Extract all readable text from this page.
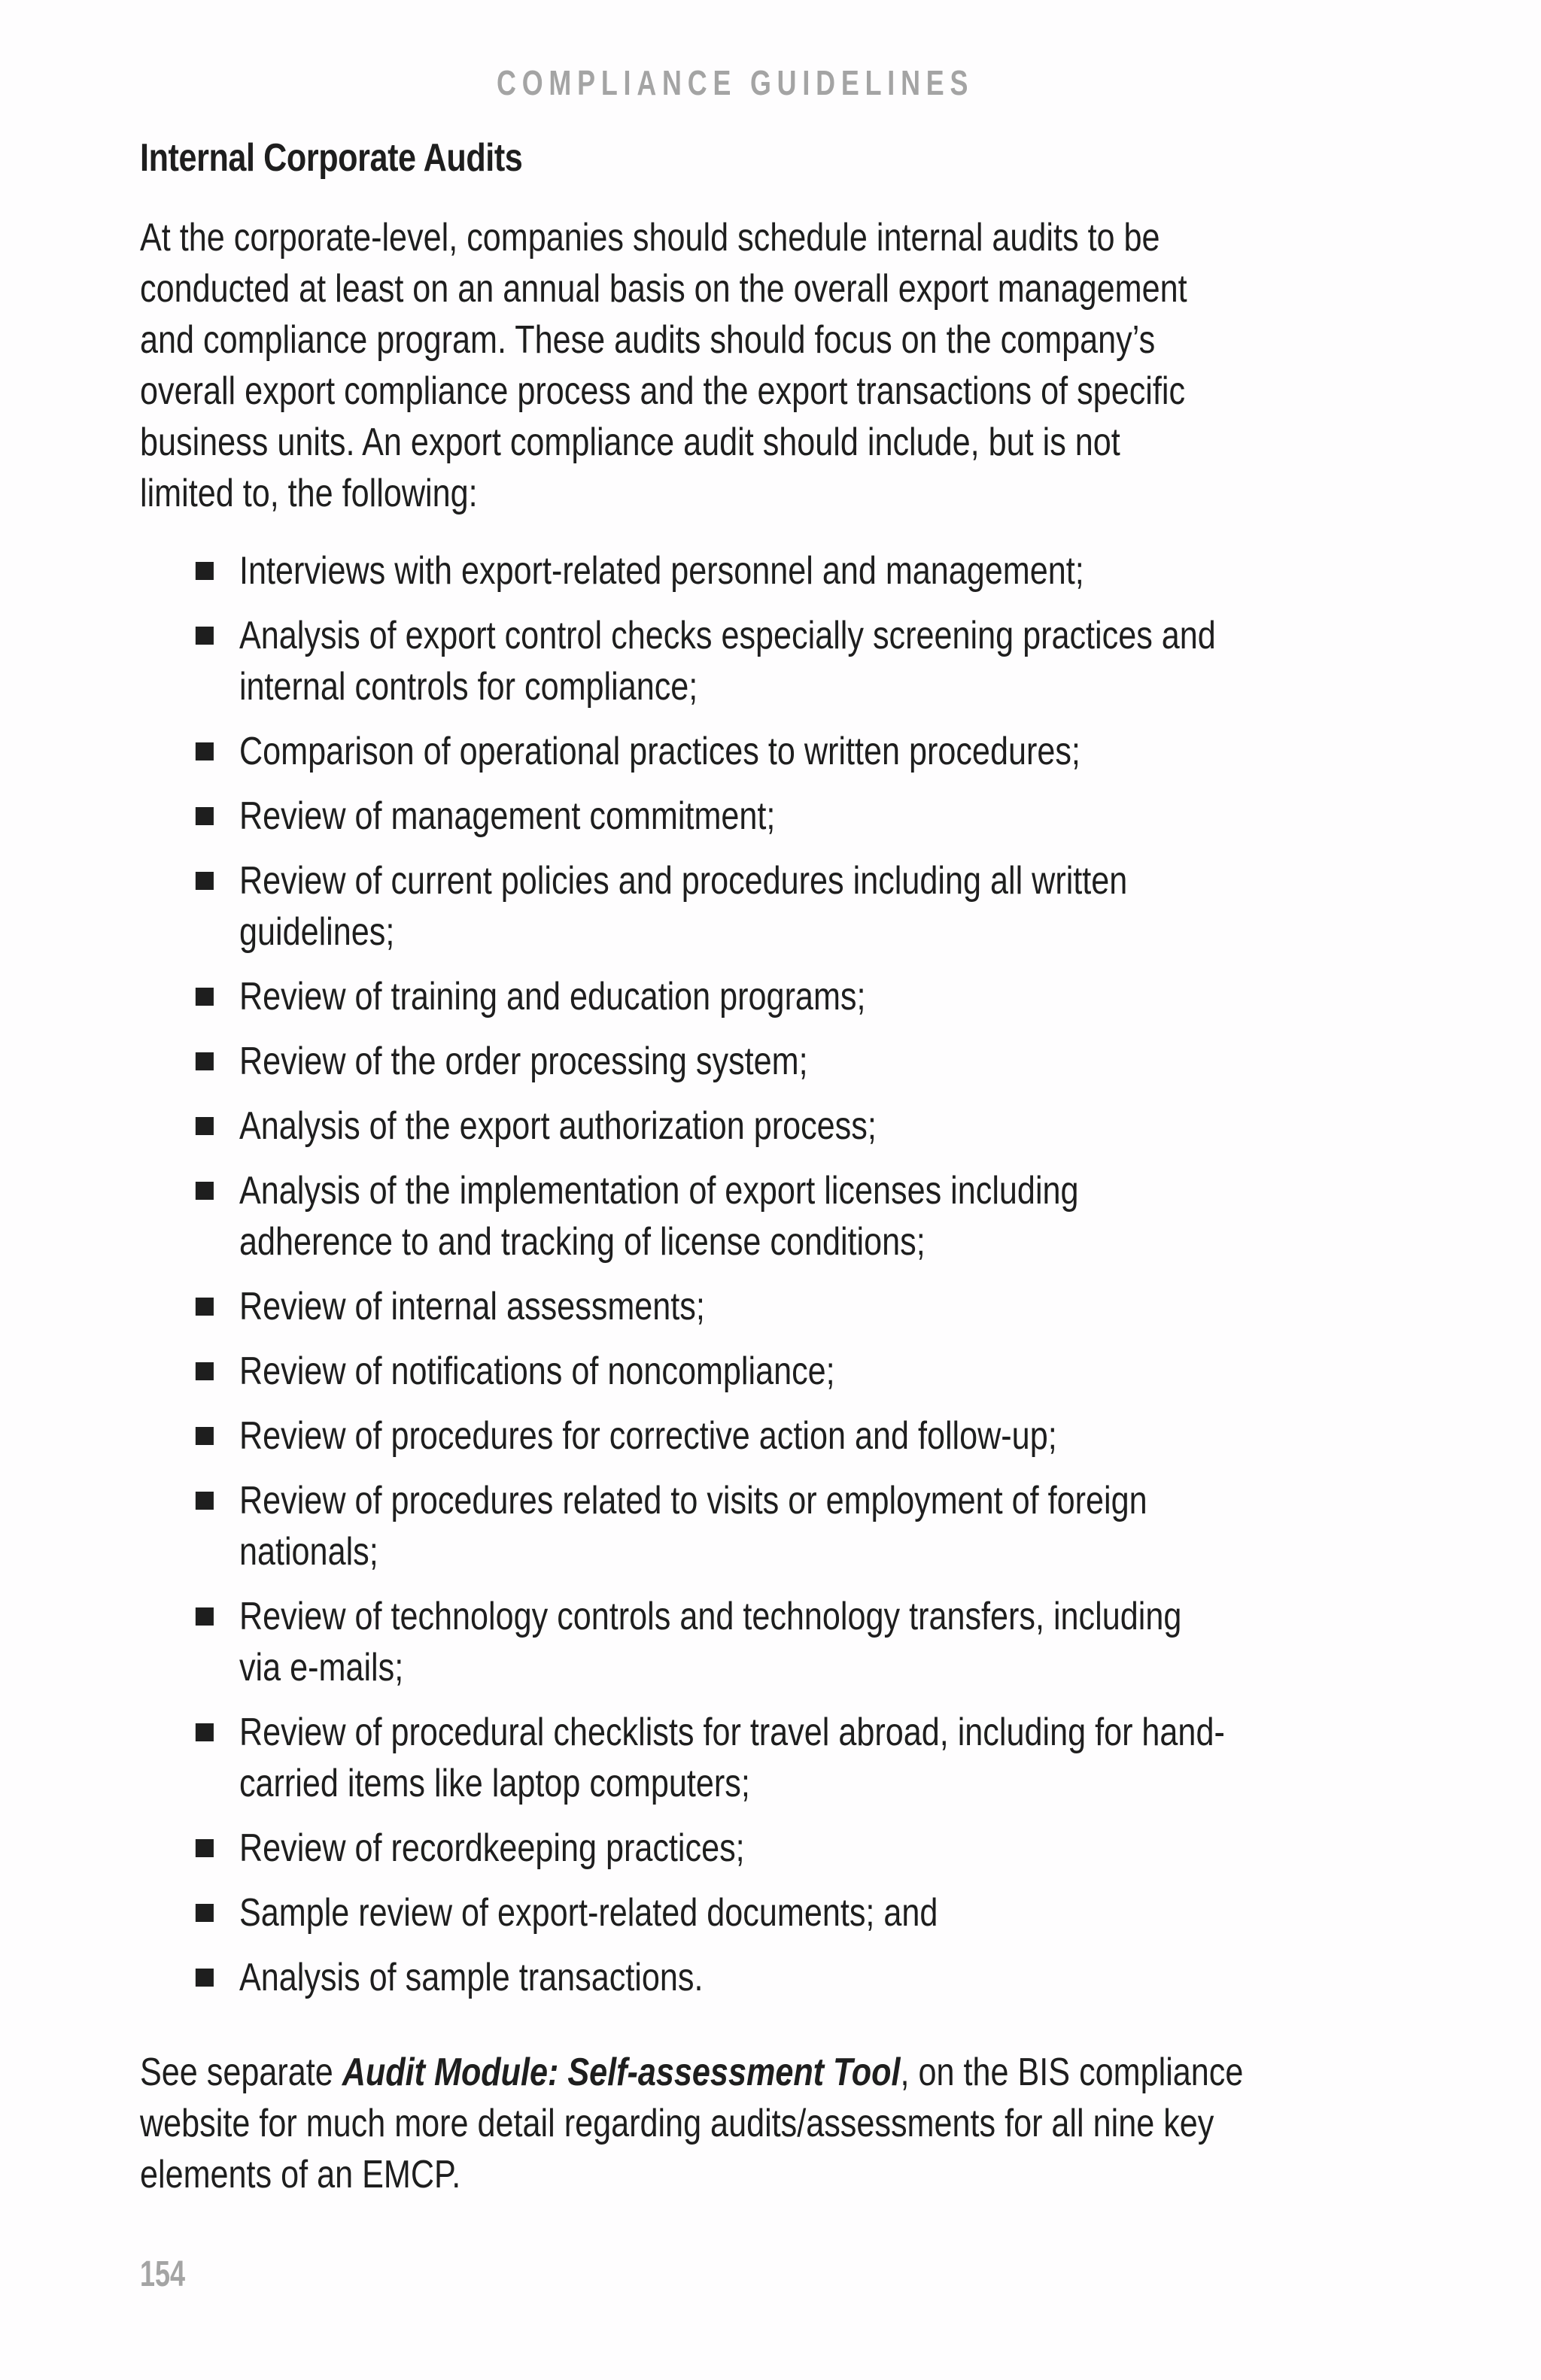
COMPLIANCE GUIDELINES
Internal Corporate Audits
At the corporate-level, companies should schedule internal audits to be
conducted at least on an annual basis on the overall export management
and compliance program. These audits should focus on the company’s
overall export compliance process and the export transactions of specific
business units. An export compliance audit should include, but is not
limited to, the following:
Interviews with export-related personnel and management;
Analysis of export control checks especially screening practices and
internal controls for compliance;
Comparison of operational practices to written procedures;
Review of management commitment;
Review of current policies and procedures including all written
guidelines;
Review of training and education programs;
Review of the order processing system;
Analysis of the export authorization process;
Analysis of the implementation of export licenses including
adherence to and tracking of license conditions;
Review of internal assessments;
Review of notifications of noncompliance;
Review of procedures for corrective action and follow-up;
Review of procedures related to visits or employment of foreign
nationals;
Review of technology controls and technology transfers, including
via e-mails;
Review of procedural checklists for travel abroad, including for hand-
carried items like laptop computers;
Review of recordkeeping practices;
Sample review of export-related documents; and
Analysis of sample transactions.
See separate Audit Module: Self-assessment Tool, on the BIS compliance
website for much more detail regarding audits/assessments for all nine key
elements of an EMCP.
154
